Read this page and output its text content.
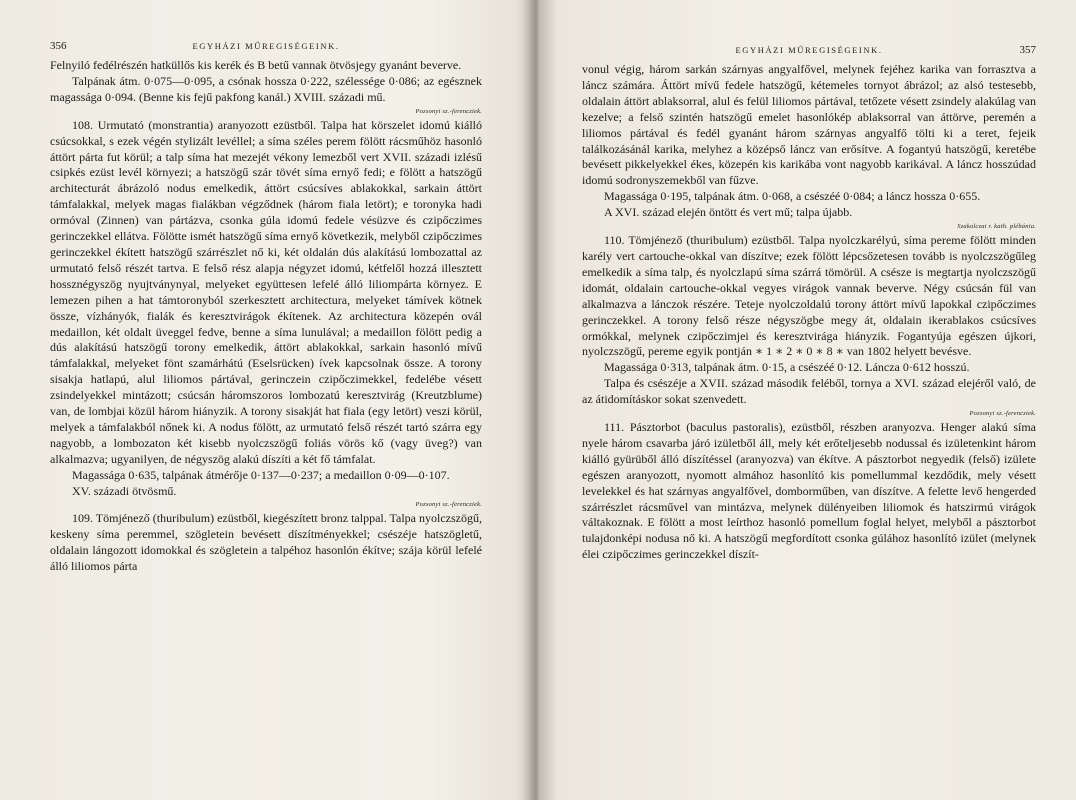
356	EGYHÁZI MŰREGISÉGEINK.

Felnyiló fedélrészén hatküllős kis kerék és B betű vannak ötvösjegy gyanánt beverve.

Talpának átm. 0·075—0·095, a csónak hossza 0·222, szélessége 0·086; az egésznek magassága 0·094. (Benne kis fejű pakfong kanál.) XVIII. századi mű.

Pozsonyi sz.-ferencziek.

108. Urmutató (monstrantia) aranyozott ezüstből. Talpa hat körszelet idomú kiálló csúcsokkal, s ezek végén stylizált levéllel; a síma széles perem fölött rácsműhöz hasonló áttört párta fut körül; a talp síma hat mezejét vékony lemezből vert XVII. századi izlésű csipkés ezüst levél környezi; a hatszögű szár tövét síma ernyő fedi; e fölött a hatszögű architecturát ábrázoló nodus emelkedik, áttört csúcsíves ablakokkal, sarkain áttört támfalakkal, melyek magas fialákban végződnek (három fiala letört); e toronyka hadi ormóval (Zinnen) van pártázva, csonka gúla idomú fedele vésüzve és czipőczimes gerinczekkel ellátva. Fölötte ismét hatszögű síma ernyő következik, melyből czipőczimes gerinczekkel ékített hatszögű szárrészlet nő ki, két oldalán dús alakítású lombozattal az urmutató felső részét tartva. E felső rész alapja négyzet idomú, kétfelől hozzá illesztett hossznégyszög nyujtványnyal, melyeket együttesen lefelé álló liliompárta környez. E lemezen pihen a hat támtoronyból szerkesztett architectura, melyeket támívek kötnek össze, vízhányók, fialák és keresztvirágok ékítenek. Az architectura közepén ovál medaillon, két oldalt üveggel fedve, benne a síma lunulával; a medaillon fölött pedig a dús alakítású hatszögű torony emelkedik, áttört ablakokkal, sarkain hasonló mívű támfalakkal, melyeket fönt szamárhátú (Eselsrücken) ívek kapcsolnak össze. A torony sisakja hatlapú, alul liliomos pártával, gerinczein czipőczimekkel, fedelébe vésett zsindelyekkel mintázott; csúcsán háromszoros lombozatú keresztvirág (Kreutzblume) van, de lombjai közül három hiányzik. A torony sisakját hat fiala (egy letört) veszi körül, melyek a támfalakból nőnek ki. A nodus fölött, az urmutató felső részét tartó szárra egy nagyobb, a lombozaton két kisebb nyolczszögű foliás vörös kő (vagy üveg?) van alkalmazva; ugyanilyen, de négyszög alakú díszíti a két fő támfalat.

Magassága 0·635, talpának átmérője 0·137—0·237; a medaillon 0·09—0·107.

XV. századi ötvösmű.

Pozsonyi sz.-ferencziek.

109. Tömjénező (thuribulum) ezüstből, kiegészített bronz talppal. Talpa nyolczszögű, keskeny síma peremmel, szögletein bevésett díszítményekkel; csészéje hatszögletű, oldalain lángozott idomokkal és szögletein a talpéhoz hasonlón ékítve; szája körül lefelé álló liliomos párta

EGYHÁZI MŰREGISÉGEINK.	357

vonul végig, három sarkán szárnyas angyalfővel, melynek fejéhez karika van forrasztva a láncz számára. Áttört mívű fedele hatszögű, kétemeles tornyot ábrázol; az alsó testesebb, oldalain áttört ablaksorral, alul és felül liliomos pártával, tetőzete vésett zsindely alakúlag van kezelve; a felső szintén hatszögű emelet hasonlókép ablaksorral van áttörve, peremén a liliomos pártával és fedél gyanánt három szárnyas angyalfő tölti ki a teret, fejeik találkozásánál karika, melyhez a középső láncz van erősítve. A fogantyú hatszögű, keretébe bevésett pikkelyekkel ékes, közepén kis karikába vont nagyobb karikával. A láncz hosszúdad idomú sodronyszemekből van fűzve.

Magassága 0·195, talpának átm. 0·068, a csészéé 0·084; a láncz hossza 0·655.

A XVI. század elején öntött és vert mű; talpa újabb.

Szakolczai r. kath. plébánia.

110. Tömjénező (thuribulum) ezüstből. Talpa nyolczkarélyú, síma pereme fölött minden karély vert cartouche-okkal van díszítve; ezek fölött lépcsőzetesen tovább is nyolczszögűleg emelkedik a síma talp, és nyolczlapú síma szárrá tömörül. A csésze is megtartja nyolczszögű idomát, oldalain cartouche-okkal vegyes virágok vannak beverve. Négy csúcsán fül van alkalmazva a lánczok részére. Teteje nyolczoldalú torony áttört mívű lapokkal czipőczimes gerinczekkel. A torony felső része négyszögbe megy át, oldalain ikerablakos csúcsíves ormókkal, melynek czipőczimjei és keresztvirága hiányzik. Fogantyúja egészen újkori, nyolczszögű, pereme egyik pontján ∗ 1 ∗ 2 ∗ 0 ∗ 8 ∗ van 1802 helyett bevésve.

Magassága 0·313, talpának átm. 0·15, a csészéé 0·12. Láncza 0·612 hosszú.

Talpa és csészéje a XVII. század második feléből, tornya a XVI. század elejéről való, de az átidomításkor sokat szenvedett.

Pozsonyi sz.-ferencziek.

111. Pásztorbot (baculus pastoralis), ezüstből, részben aranyozva. Henger alakú síma nyele három csavarba járó izületből áll, mely két erőteljesebb nodussal és izületenkint három kiálló gyürüből álló díszítéssel (aranyozva) van ékítve. A pásztorbot negyedik (felső) izülete egészen aranyozott, nyomott almához hasonlító kis pomellummal kezdődik, mely vésett levelekkel és hat szárnyas angyalfővel, domborműben, van díszítve. A felette levő hengerded szárrészlet rácsművel van mintázva, melynek dülényeiben liliomok és hatszirmú virágok váltakoznak. E fölött a most leírthoz hasonló pomellum foglal helyet, melyből a pásztorbot tulajdonképi nodusa nő ki. A hatszögű megfordított csonka gúlához hasonlító izület (melynek élei czipőczimes gerinczekkel díszít-
